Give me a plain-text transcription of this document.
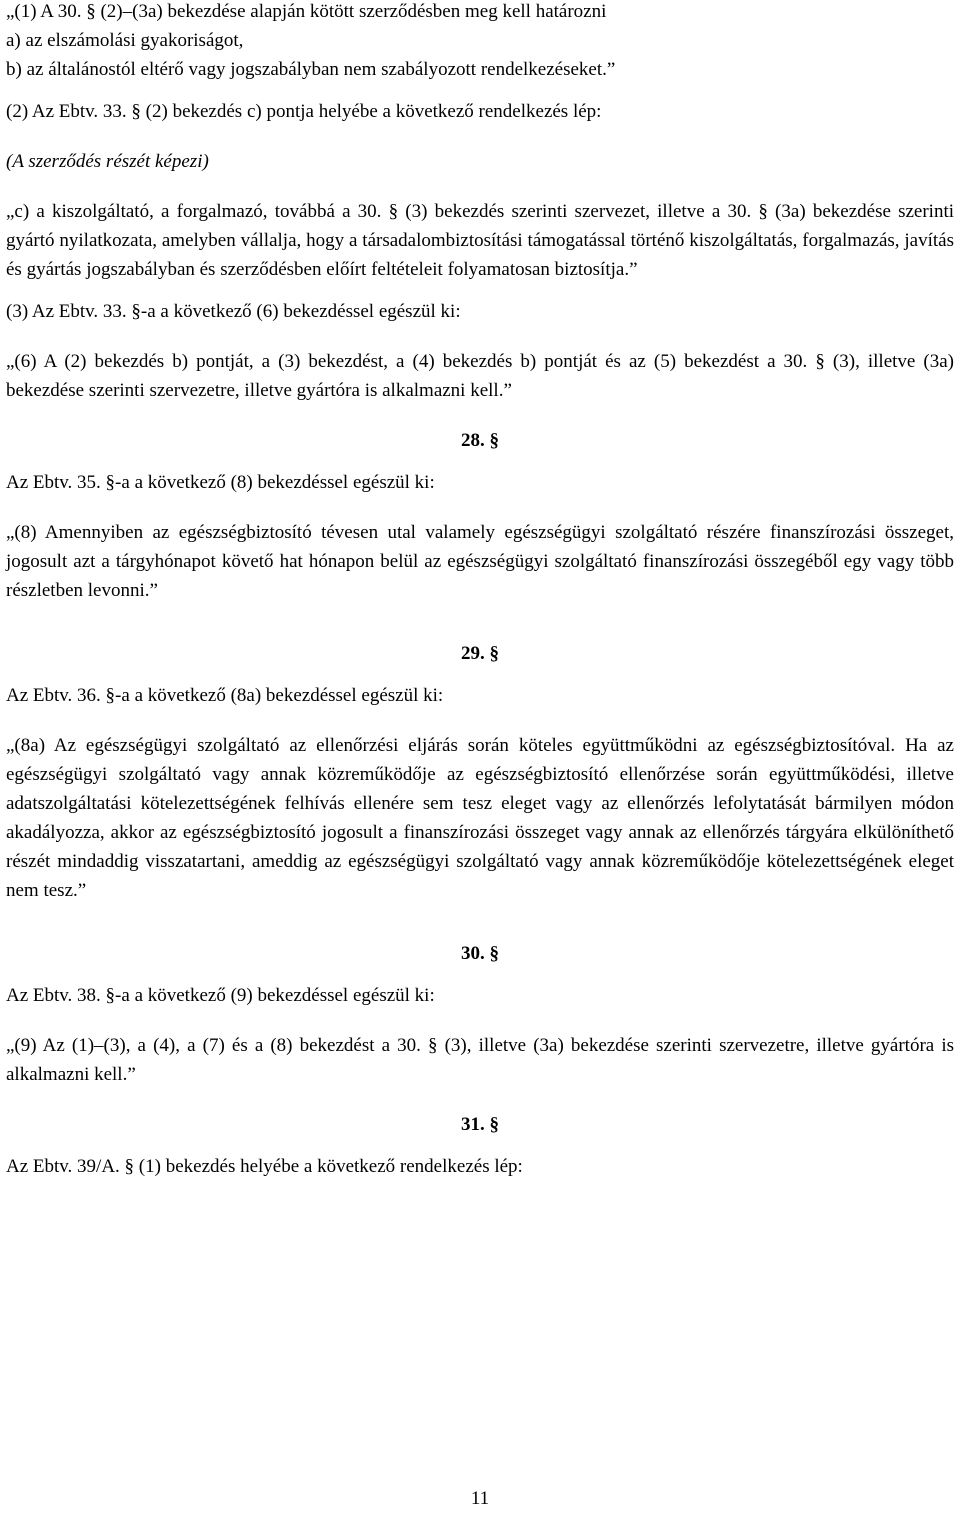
„(1) A 30. § (2)–(3a) bekezdése alapján kötött szerződésben meg kell határozni
a) az elszámolási gyakoriságot,
b) az általánostól eltérő vagy jogszabályban nem szabályozott rendelkezéseket.”

(2) Az Ebtv. 33. § (2) bekezdés c) pontja helyébe a következő rendelkezés lép:

(A szerződés részét képezi)

„c) a kiszolgáltató, a forgalmazó, továbbá a 30. § (3) bekezdés szerinti szervezet, illetve a 30. § (3a) bekezdése szerinti gyártó nyilatkozata, amelyben vállalja, hogy a társadalombiztosítási támogatással történő kiszolgáltatás, forgalmazás, javítás és gyártás jogszabályban és szerződésben előírt feltételeit folyamatosan biztosítja.”

(3) Az Ebtv. 33. §-a a következő (6) bekezdéssel egészül ki:

„(6) A (2) bekezdés b) pontját, a (3) bekezdést, a (4) bekezdés b) pontját és az (5) bekezdést a 30. § (3), illetve (3a) bekezdése szerinti szervezetre, illetve gyártóra is alkalmazni kell.”

28. §

Az Ebtv. 35. §-a a következő (8) bekezdéssel egészül ki:

„(8) Amennyiben az egészségbiztosító tévesen utal valamely egészségügyi szolgáltató részére finanszírozási összeget, jogosult azt a tárgyhónapot követő hat hónapon belül az egészségügyi szolgáltató finanszírozási összegéből egy vagy több részletben levonni.”

29. §

Az Ebtv. 36. §-a a következő (8a) bekezdéssel egészül ki:

„(8a) Az egészségügyi szolgáltató az ellenőrzési eljárás során köteles együttműködni az egészségbiztosítóval. Ha az egészségügyi szolgáltató vagy annak közreműködője az egészségbiztosító ellenőrzése során együttműködési, illetve adatszolgáltatási kötelezettségének felhívás ellenére sem tesz eleget vagy az ellenőrzés lefolytatását bármilyen módon akadályozza, akkor az egészségbiztosító jogosult a finanszírozási összeget vagy annak az ellenőrzés tárgyára elkülöníthető részét mindaddig visszatartani, ameddig az egészségügyi szolgáltató vagy annak közreműködője kötelezettségének eleget nem tesz.”

30. §

Az Ebtv. 38. §-a a következő (9) bekezdéssel egészül ki:

„(9) Az (1)–(3), a (4), a (7) és a (8) bekezdést a 30. § (3), illetve (3a) bekezdése szerinti szervezetre, illetve gyártóra is alkalmazni kell.”

31. §

Az Ebtv. 39/A. § (1) bekezdés helyébe a következő rendelkezés lép:

11
